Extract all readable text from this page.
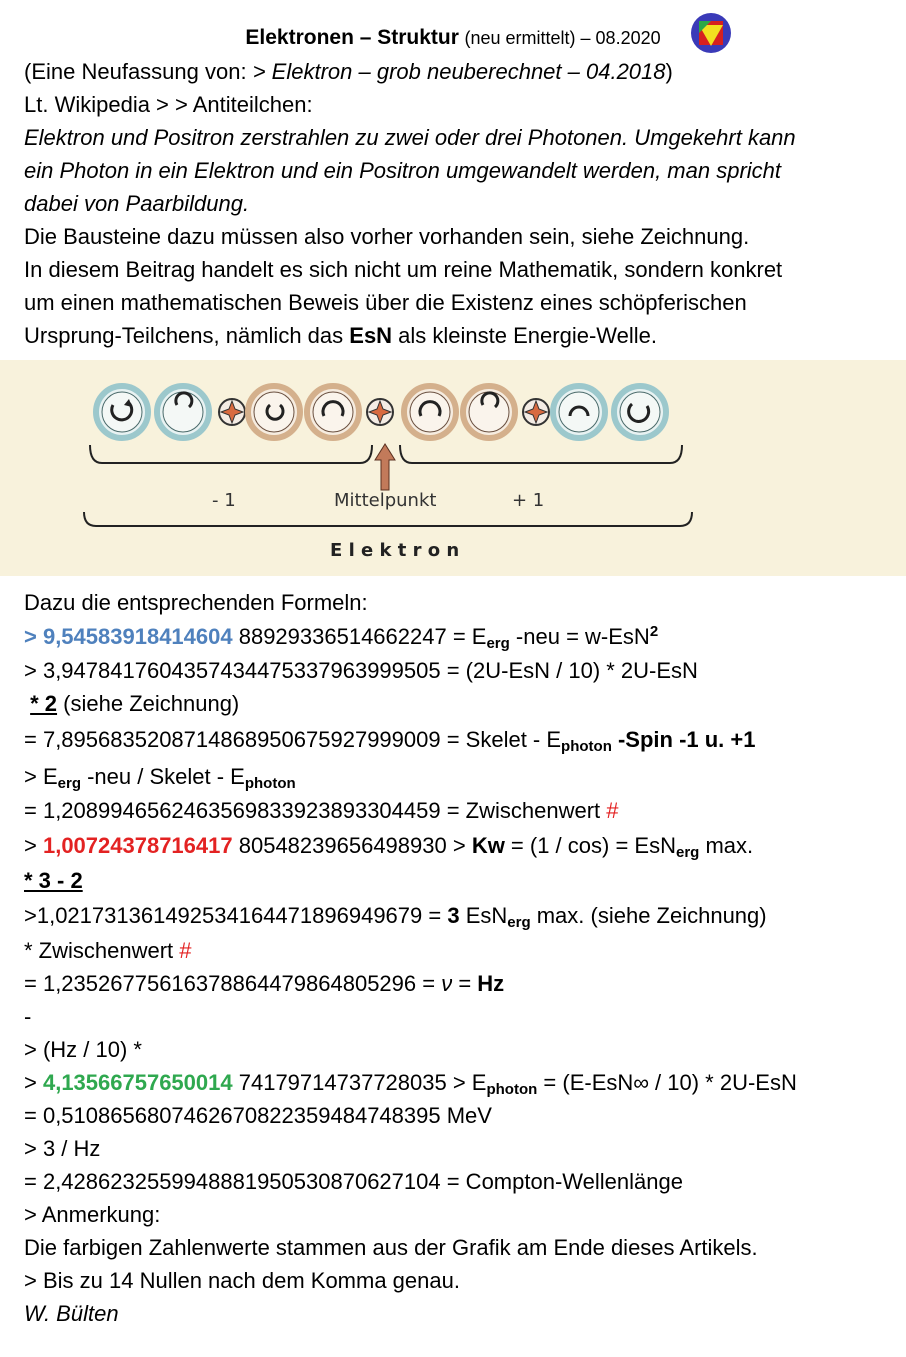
Elektronen – Struktur (neu ermittelt) – 08.2020
(Eine Neufassung von: > Elektron – grob neuberechnet – 04.2018)
Lt. Wikipedia > > Antiteilchen:
Elektron und Positron zerstrahlen zu zwei oder drei Photonen. Umgekehrt kann
ein Photon in ein Elektron und ein Positron umgewandelt werden, man spricht
dabei von Paarbildung.
Die Bausteine dazu müssen also vorher vorhanden sein, siehe Zeichnung.
In diesem Beitrag handelt es sich nicht um reine Mathematik, sondern konkret
um einen mathematischen Beweis über die Existenz eines schöpferischen
Ursprung-Teilchens, nämlich das EsN als kleinste Energie-Welle.
- 1	Mittelpunkt	+ 1
E l e k t r o n
Dazu die entsprechenden Formeln:
> 9,54583918414604 $88929336514662247 = E_{erg}$ -neu = w-EsN$^2$
> 3,9478417604357434475337963999505 = (2U-EsN / 10) * 2U-EsN
* 2 (siehe Zeichnung)
= 7,8956835208714868950675927999009 = Skelet - $E_{photon}$ -Spin -1 u. +1
> $E_{erg}$ -neu / Skelet - $E_{photon}$
= 1,2089946562463569833923893304459 = Zwischenwert #
> 1,00724378716417 80548239656498930 > Kw = (1 / cos) = EsN$_{erg}$ max.
* 3 - 2
>1,021731361492534164471896949679 = 3 EsN$_{erg}$ max. (siehe Zeichnung)
* Zwischenwert #
= 1,23526775616378864479864805296 = ν = Hz
-
> (Hz / 10) *
> 4,13566757650014 $74179714737728035 > E_{photon} = (E-EsN\infty / 10) * 2U-EsN$
= 0,5108656807462670822359484748395 MeV
> 3 / Hz
= 2,4286232559948881950530870627104 = Compton-Wellenlänge
> Anmerkung:
Die farbigen Zahlenwerte stammen aus der Grafik am Ende dieses Artikels.
> Bis zu 14 Nullen nach dem Komma genau.
W. Bülten
